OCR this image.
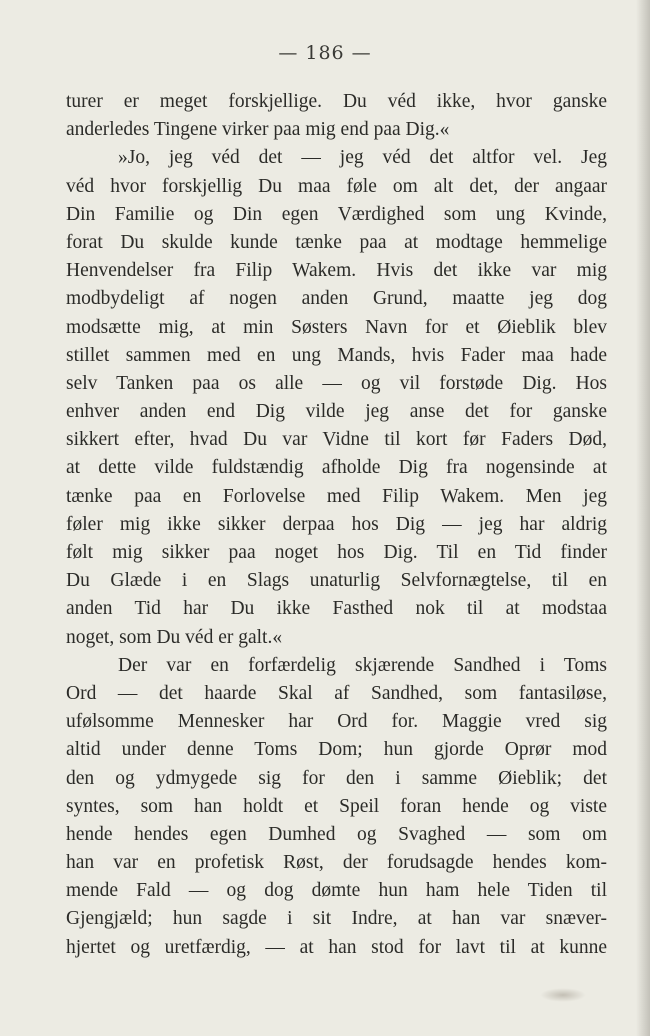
— 186 —
turer er meget forskjellige. Du véd ikke, hvor ganske
anderledes Tingene virker paa mig end paa Dig.«
»Jo, jeg véd det — jeg véd det altfor vel. Jeg
véd hvor forskjellig Du maa føle om alt det, der angaar
Din Familie og Din egen Værdighed som ung Kvinde,
forat Du skulde kunde tænke paa at modtage hemmelige
Henvendelser fra Filip Wakem. Hvis det ikke var mig
modbydeligt af nogen anden Grund, maatte jeg dog
modsætte mig, at min Søsters Navn for et Øieblik blev
stillet sammen med en ung Mands, hvis Fader maa hade
selv Tanken paa os alle — og vil forstøde Dig. Hos
enhver anden end Dig vilde jeg anse det for ganske
sikkert efter, hvad Du var Vidne til kort før Faders Død,
at dette vilde fuldstændig afholde Dig fra nogensinde at
tænke paa en Forlovelse med Filip Wakem. Men jeg
føler mig ikke sikker derpaa hos Dig — jeg har aldrig
følt mig sikker paa noget hos Dig. Til en Tid finder
Du Glæde i en Slags unaturlig Selvfornægtelse, til en
anden Tid har Du ikke Fasthed nok til at modstaa
noget, som Du véd er galt.«
Der var en forfærdelig skjærende Sandhed i Toms
Ord — det haarde Skal af Sandhed, som fantasiløse,
ufølsomme Mennesker har Ord for. Maggie vred sig
altid under denne Toms Dom; hun gjorde Oprør mod
den og ydmygede sig for den i samme Øieblik; det
syntes, som han holdt et Speil foran hende og viste
hende hendes egen Dumhed og Svaghed — som om
han var en profetisk Røst, der forudsagde hendes kom-
mende Fald — og dog dømte hun ham hele Tiden til
Gjengjæld; hun sagde i sit Indre, at han var snæver-
hjertet og uretfærdig, — at han stod for lavt til at kunne
